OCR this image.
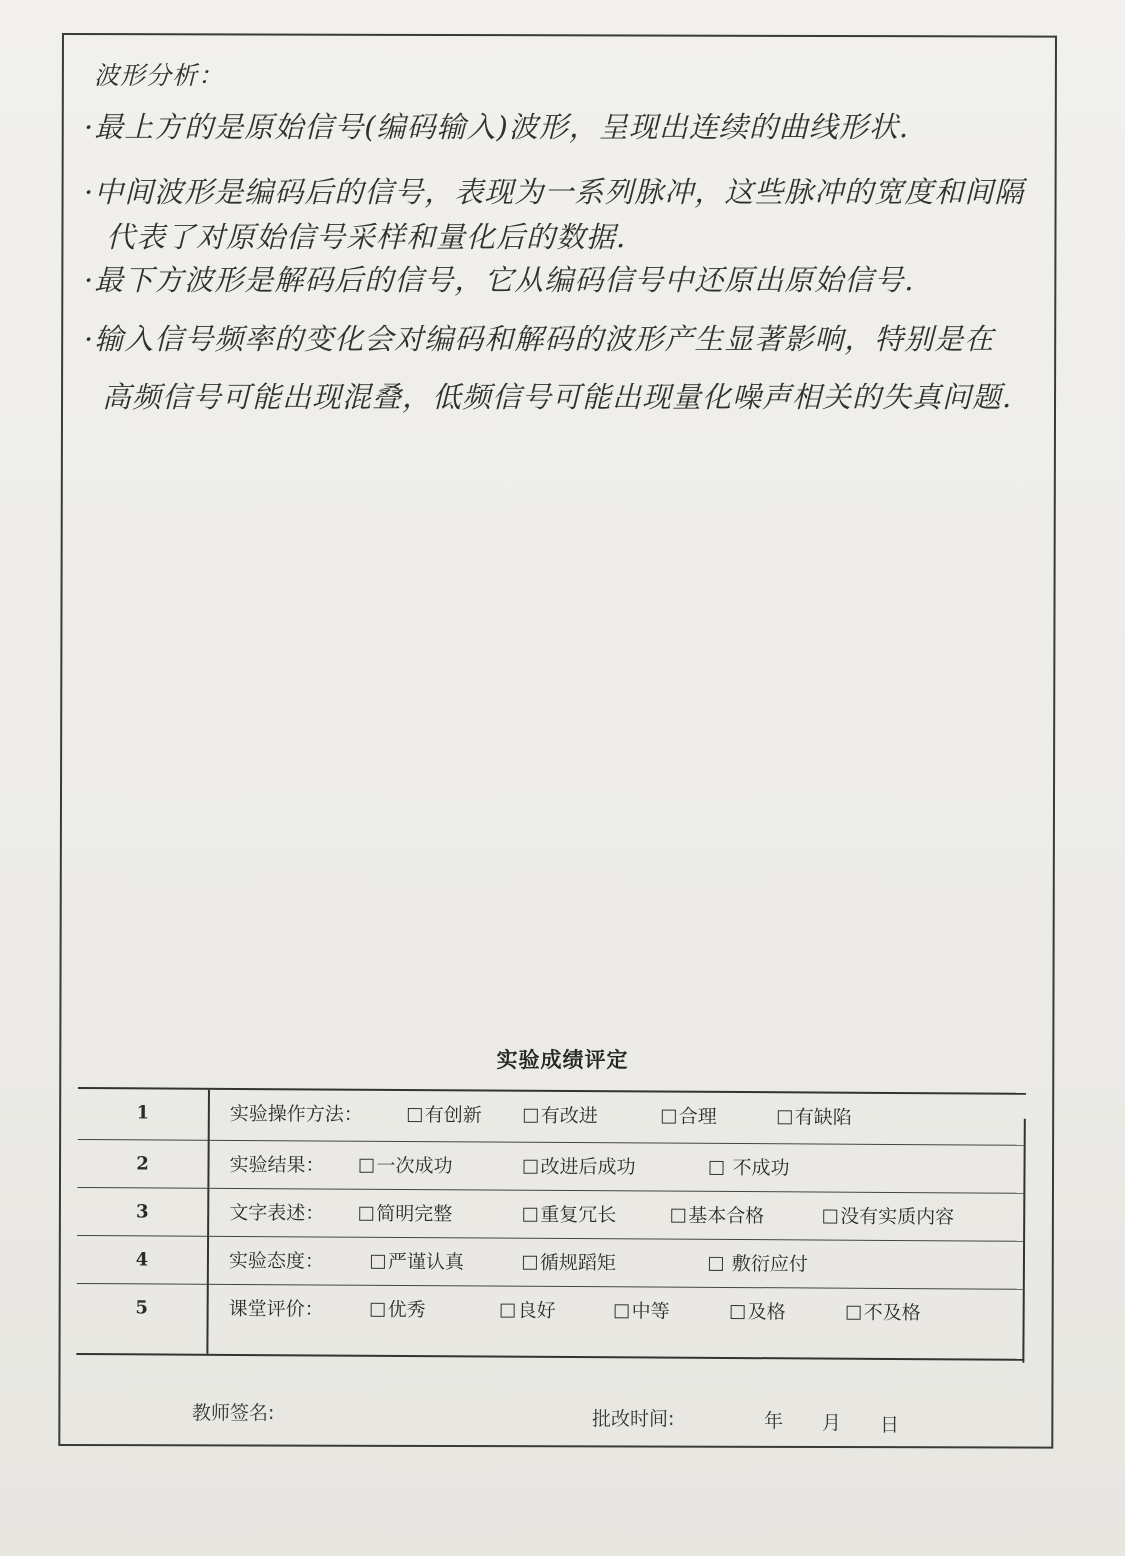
波形分析：
·最上方的是原始信号(编码输入)波形，呈现出连续的曲线形状.
·中间波形是编码后的信号，表现为一系列脉冲，这些脉冲的宽度和间隔
代表了对原始信号采样和量化后的数据.
·最下方波形是解码后的信号，它从编码信号中还原出原始信号.
·输入信号频率的变化会对编码和解码的波形产生显著影响，特别是在
高频信号可能出现混叠，低频信号可能出现量化噪声相关的失真问题.
实验成绩评定
1	实验操作方法：	有创新	有改进	合理	有缺陷
2	实验结果：	一次成功	改进后成功	不成功
3	文字表述：	简明完整	重复冗长	基本合格	没有实质内容
4	实验态度：	严谨认真	循规蹈矩	敷衍应付
5	课堂评价：	优秀	良好	中等	及格	不及格
教师签名:	批改时间:	年 月 日
